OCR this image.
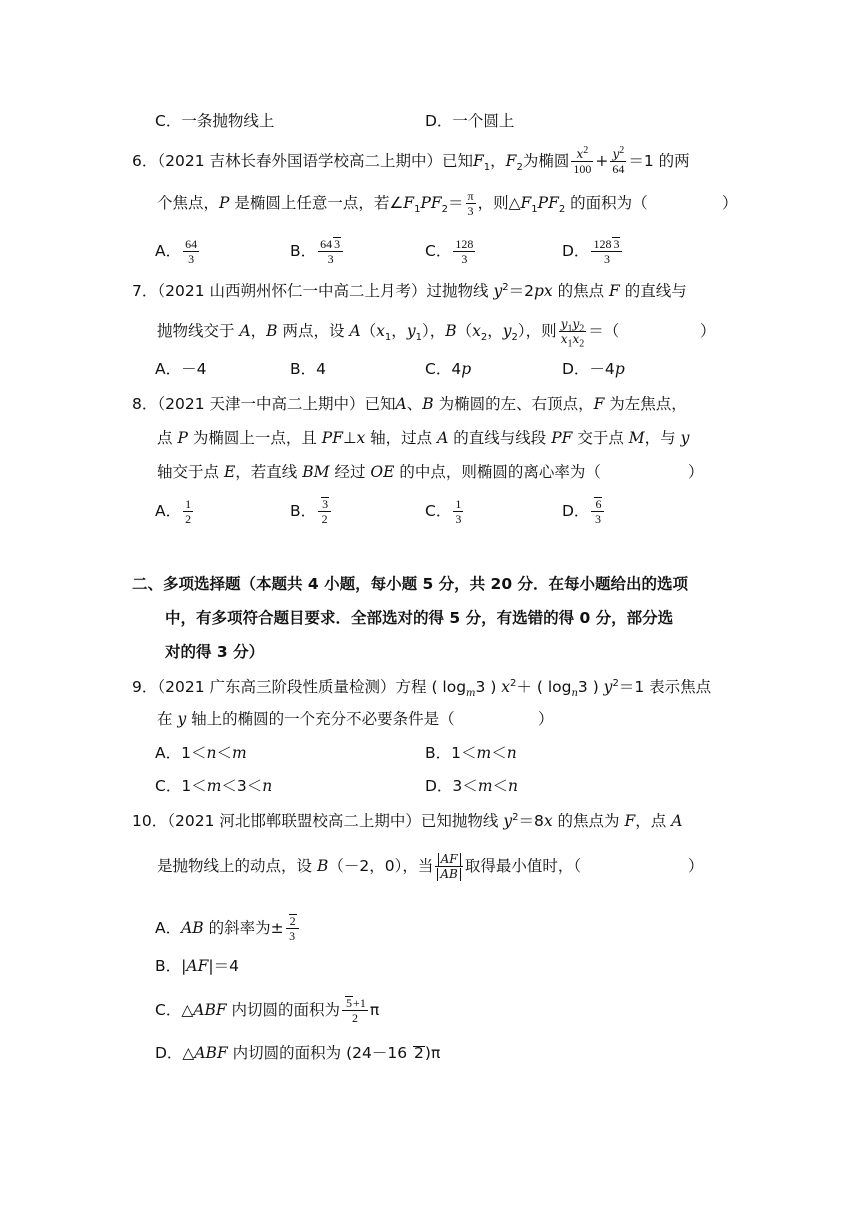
C．一条抛物线上	D．一个圆上
6．（2021 吉林长春外国语学校高二上期中）已知$F_1$，$F_2$为椭圆 $\frac{x^2}{100} + \frac{y^2}{64} =1$ 的两
个焦点，P 是椭圆上任意一点，若$\angle F_1PF_2= \frac{\pi}{3}$ ，则$\triangle F_1PF_2$ 的面积为（	）
A． $\frac{64}{3}$	B． $\frac{64 3}{3}$	C． $\frac{128}{3}$	D． $\frac{128 3}{3}$
7．（2021 山西朔州怀仁一中高二上月考）过抛物线 $y^2=2px$ 的焦点 F 的直线与
抛物线交于 A，B 两点，设 $A(x_1$，$y_1$），$B(x_2$，$y_2$），则 $\frac{y_1y_2}{x_1x_2}$ ＝（	）
A．－4	B．4	C．4p	D．－4p
8．（2021 天津一中高二上期中）已知A、B 为椭圆的左、右顶点，F 为左焦点，
点 P 为椭圆上一点，且 PF⊥x 轴，过点 A 的直线与线段 PF 交于点 M，与 y
轴交于点 E，若直线 BM 经过 OE 的中点，则椭圆的离心率为（	）
A． $\frac{1}{2}$	B． $\frac{3}{2}$	C． $\frac{1}{3}$	D． $\frac{6}{3}$
二、多项选择题（本题共 4 小题，每小题 5 分，共 20 分．在每小题给出的选项
中，有多项符合题目要求．全部选对的得 5 分，有选错的得 0 分，部分选
对的得 3 分）
9．（2021 广东高三阶段性质量检测）方程 ( $\log_m3$ ) $x^2+$ ( $\log_n3$ ) $y^2=1$ 表示焦点
在 y 轴上的椭圆的一个充分不必要条件是（	）
A．1＜n＜m	B．1＜m＜n
C．1＜m＜3＜n	D．3＜m＜n
10．（2021 河北邯郸联盟校高二上期中）已知抛物线 $y^2=8x$ 的焦点为 F，点 A
是抛物线上的动点，设 B（－2，0），当 $\frac{AF}{AB}$ 取得最小值时，（	）
A．AB 的斜率为± $\frac{2}{3}$
B．|AF|＝4
C．△ABF 内切圆的面积为 $\frac{5+1}{2}$ π
D．△ABF 内切圆的面积为 (24－16 2)π
